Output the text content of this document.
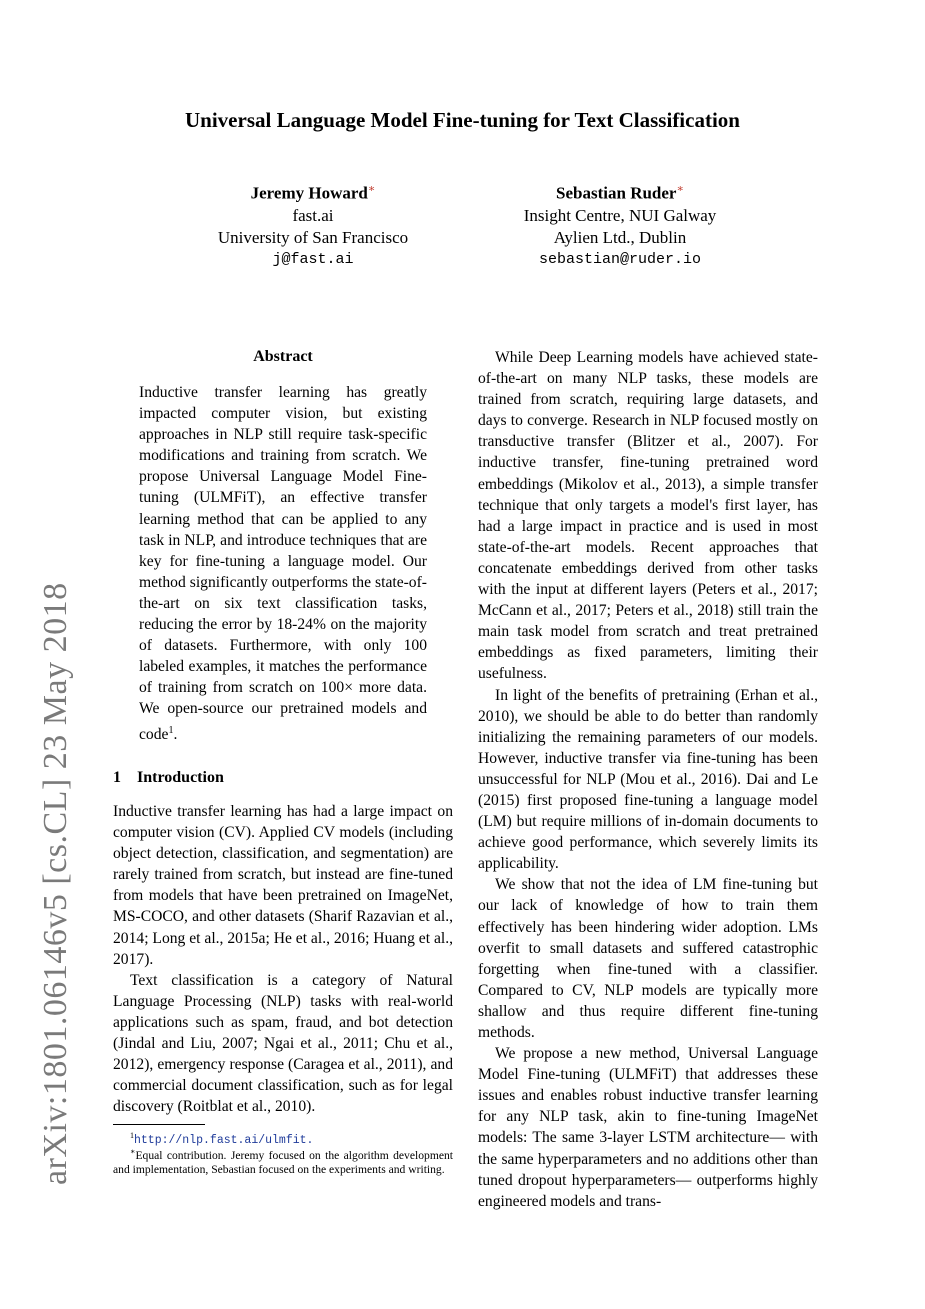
arXiv:1801.06146v5 [cs.CL] 23 May 2018
Universal Language Model Fine-tuning for Text Classification
Jeremy Howard∗
fast.ai
University of San Francisco
j@fast.ai
Sebastian Ruder∗
Insight Centre, NUI Galway
Aylien Ltd., Dublin
sebastian@ruder.io
Abstract

Inductive transfer learning has greatly impacted computer vision, but existing approaches in NLP still require task-specific modifications and training from scratch. We propose Universal Language Model Fine-tuning (ULMFiT), an effective transfer learning method that can be applied to any task in NLP, and introduce techniques that are key for fine-tuning a language model. Our method significantly outperforms the state-of-the-art on six text classification tasks, reducing the error by 18-24% on the majority of datasets. Furthermore, with only 100 labeled examples, it matches the performance of training from scratch on 100× more data. We open-source our pretrained models and code$^1$.

1 Introduction

Inductive transfer learning has had a large impact on computer vision (CV). Applied CV models (including object detection, classification, and segmentation) are rarely trained from scratch, but instead are fine-tuned from models that have been pretrained on ImageNet, MS-COCO, and other datasets (Sharif Razavian et al., 2014; Long et al., 2015a; He et al., 2016; Huang et al., 2017).

Text classification is a category of Natural Language Processing (NLP) tasks with real-world applications such as spam, fraud, and bot detection (Jindal and Liu, 2007; Ngai et al., 2011; Chu et al., 2012), emergency response (Caragea et al., 2011), and commercial document classification, such as for legal discovery (Roitblat et al., 2010).

$^1$http://nlp.fast.ai/ulmfit.
∗Equal contribution. Jeremy focused on the algorithm development and implementation, Sebastian focused on the experiments and writing.

While Deep Learning models have achieved state-of-the-art on many NLP tasks, these models are trained from scratch, requiring large datasets, and days to converge. Research in NLP focused mostly on transductive transfer (Blitzer et al., 2007). For inductive transfer, fine-tuning pretrained word embeddings (Mikolov et al., 2013), a simple transfer technique that only targets a model's first layer, has had a large impact in practice and is used in most state-of-the-art models. Recent approaches that concatenate embeddings derived from other tasks with the input at different layers (Peters et al., 2017; McCann et al., 2017; Peters et al., 2018) still train the main task model from scratch and treat pretrained embeddings as fixed parameters, limiting their usefulness.

In light of the benefits of pretraining (Erhan et al., 2010), we should be able to do better than randomly initializing the remaining parameters of our models. However, inductive transfer via fine-tuning has been unsuccessful for NLP (Mou et al., 2016). Dai and Le (2015) first proposed fine-tuning a language model (LM) but require millions of in-domain documents to achieve good performance, which severely limits its applicability.

We show that not the idea of LM fine-tuning but our lack of knowledge of how to train them effectively has been hindering wider adoption. LMs overfit to small datasets and suffered catastrophic forgetting when fine-tuned with a classifier. Compared to CV, NLP models are typically more shallow and thus require different fine-tuning methods.

We propose a new method, Universal Language Model Fine-tuning (ULMFiT) that addresses these issues and enables robust inductive transfer learning for any NLP task, akin to fine-tuning ImageNet models: The same 3-layer LSTM architecture— with the same hyperparameters and no additions other than tuned dropout hyperparameters— outperforms highly engineered models and trans-
